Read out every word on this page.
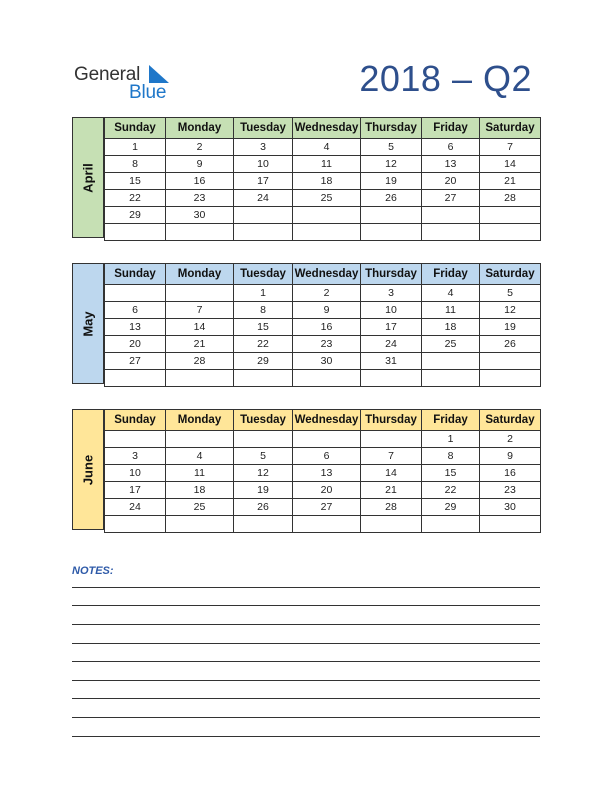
General
Blue	2018 – Q2
April
Sunday	Monday	Tuesday	Wednesday	Thursday	Friday	Saturday
1	2	3	4	5	6	7
8	9	10	11	12	13	14
15	16	17	18	19	20	21
22	23	24	25	26	27	28
29	30					

May
Sunday	Monday	Tuesday	Wednesday	Thursday	Friday	Saturday
		1	2	3	4	5
6	7	8	9	10	11	12
13	14	15	16	17	18	19
20	21	22	23	24	25	26
27	28	29	30	31		

June
Sunday	Monday	Tuesday	Wednesday	Thursday	Friday	Saturday
					1	2
3	4	5	6	7	8	9
10	11	12	13	14	15	16
17	18	19	20	21	22	23
24	25	26	27	28	29	30

NOTES:
